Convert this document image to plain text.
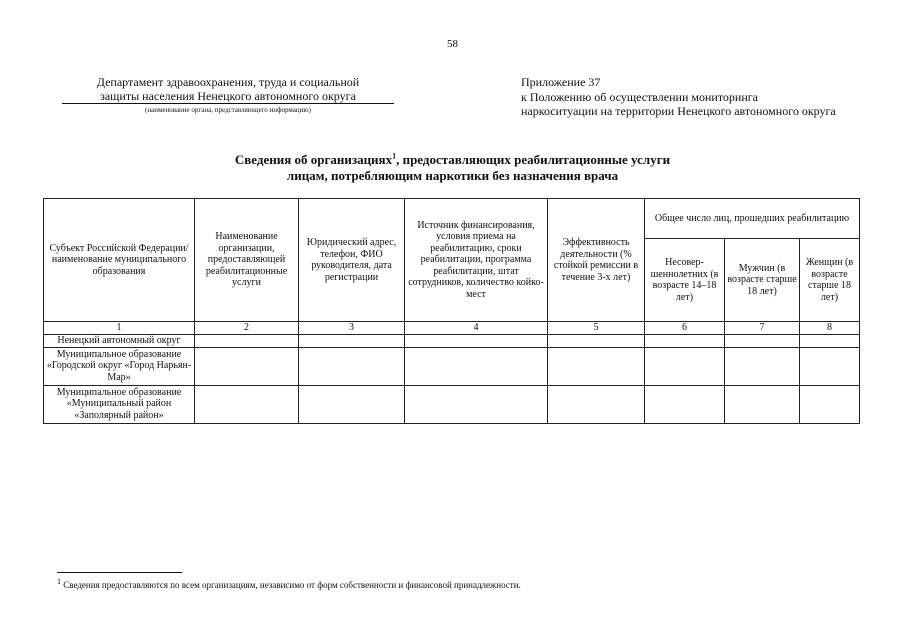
58
Департамент здравоохранения, труда и социальной
защиты населения Ненецкого автономного округа
(наименование органа, представляющего информацию)
Приложение 37
к Положению об осуществлении мониторинга
наркоситуации на территории Ненецкого автономного округа
Сведения об организациях$^1$, предоставляющих реабилитационные услуги
лицам, потребляющим наркотики без назначения врача
Субъект Российской Федерации/ наименование муниципального образования	Наименование организации, предоставляющей реабилитационные услуги	Юридический адрес, телефон, ФИО руководителя, дата регистрации	Источник финансирования, условия приема на реабилитацию, сроки реабилитации, программа реабилитации, штат сотрудников, количество койко-мест	Эффективность деятельности (% стойкой ремиссии в течение 3-х лет)	Общее число лиц, прошедших реабилитацию		
					Несовер-шеннолетних (в возрасте 14–18 лет)	Мужчин (в возрасте старше 18 лет)	Женщин (в возрасте старше 18 лет)
1	2	3	4	5	6	7	8
Ненецкий автономный округ							
Муниципальное образование «Городской округ «Город Нарьян-Мар»							
Муниципальное образование «Муниципальный район «Заполярный район»							
$^1$ Сведения предоставляются по всем организациям, независимо от форм собственности и финансовой принадлежности.
